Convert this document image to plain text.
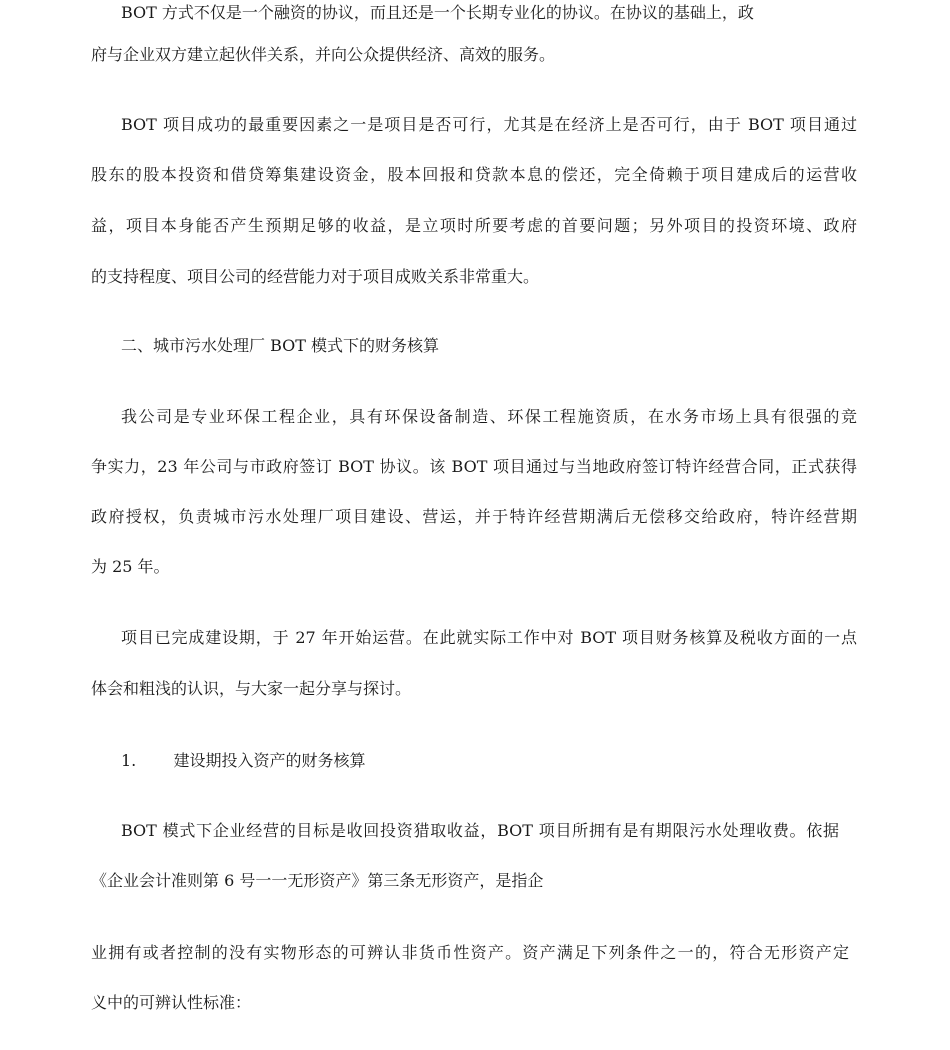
BOT 方式不仅是一个融资的协议，而且还是一个长期专业化的协议。在协议的基础上，政
府与企业双方建立起伙伴关系，并向公众提供经济、高效的服务。
BOT 项目成功的最重要因素之一是项目是否可行，尤其是在经济上是否可行，由于 BOT 项目通过
股东的股本投资和借贷筹集建设资金，股本回报和贷款本息的偿还，完全倚赖于项目建成后的运营收
益，项目本身能否产生预期足够的收益，是立项时所要考虑的首要问题；另外项目的投资环境、政府
的支持程度、项目公司的经营能力对于项目成败关系非常重大。
二、城市污水处理厂 BOT 模式下的财务核算
我公司是专业环保工程企业，具有环保设备制造、环保工程施资质，在水务市场上具有很强的竞
争实力，23 年公司与市政府签订 BOT 协议。该 BOT 项目通过与当地政府签订特许经营合同，正式获得
政府授权，负责城市污水处理厂项目建设、营运，并于特许经营期满后无偿移交给政府，特许经营期
为 25 年。
项目已完成建设期，于 27 年开始运营。在此就实际工作中对 BOT 项目财务核算及税收方面的一点
体会和粗浅的认识，与大家一起分享与探讨。
1. 建设期投入资产的财务核算
BOT 模式下企业经营的目标是收回投资猎取收益，BOT 项目所拥有是有期限污水处理收费。依据
《企业会计准则第 6 号一一无形资产》第三条无形资产，是指企
业拥有或者控制的没有实物形态的可辨认非货币性资产。资产满足下列条件之一的，符合无形资产定
义中的可辨认性标准：
